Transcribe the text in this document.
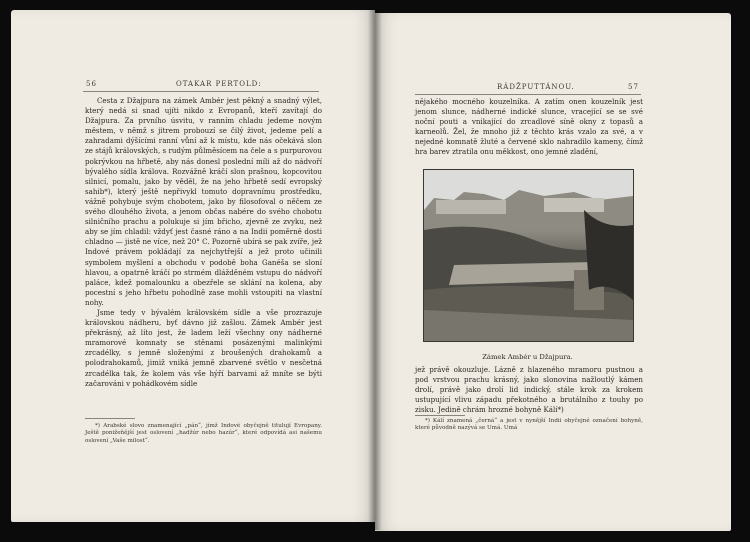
56	OTAKAR PERTOLD:

Cesta z Džajpura na zámek Ambér jest pěkný a snadný výlet, který nedá si snad ujíti nikdo z Evropanů, kteří zavítají do Džajpura. Za prvního úsvitu, v ranním chladu jedeme novým městem, v němž s jitrem probouzí se čilý život, jedeme pelí a zahradami dýšícími ranní vůní až k místu, kde nás očekává slon ze stájů královských, s rudým půlměsícem na čele a s purpurovou pokrývkou na hřbetě, aby nás donesl poslední míli až do nádvoří bývalého sídla králova. Rozvážně kráčí slon prašnou, kopcovitou silnicí, pomalu, jako by věděl, že na jeho hřbetě sedí evropský sahib*), který ještě nepřivykl tomuto dopravnímu prostředku, vážně pohybuje svým chobotem, jako by filosofoval o něčem ze svého dlouhého života, a jenom občas nabére do svého chobotu silničního prachu a polukuje si jím břicho, zjevně ze zvyku, než aby se jím chladil: vždyť jest časné ráno a na Indii poměrně dosti chladno — jistě ne více, než 20° C. Pozorně ubírá se pak zvíře, jež Indové právem pokládají za nejchytřejší a jež proto učinili symbolem myšlení a obchodu v podobě boha Ganéša se sloní hlavou, a opatrně kráčí po strmém dlážděném vstupu do nádvoří paláce, kdež pomalounku a obezřele se sklání na kolena, aby pocestní s jeho hřbetu pohodlně zase mohli vstoupiti na vlastní nohy.

Jsme tedy v bývalém královském sídle a vše prozrazuje královskou nádheru, byť dávno již zašlou. Zámek Ambér jest překrásný, až líto jest, že ladem leží všechny ony nádherné mramorové komnaty se stěnami posázenými malinkými zrcadélky, s jemně složenými z broušených drahokamů a polodrahokamů, jimiž vniká jemně zbarvené světlo v nesčetná zrcadélka tak, že kolem vás vše hýří barvami až mníte se býti začarováni v pohádkovém sídle

*) Arabské slovo znamenající „pán“, jímž Indové obyčejně titulují Evropany. Ještě ponižeňější jest oslovení „hadžúr nebo hazúr“, které odpovídá asi našemu oslovení „Vaše milost“.

RÁDŽPUTTÁNOU.	57

nějakého mocného kouzelníka. A zatím onen kouzelník jest jenom slunce, nádherné indické slunce, vracející se se své noční pouti a vnikající do zrcadlové síně okny z topasů a karneolů. Žel, že mnoho již z těchto krás vzalo za své, a v nejedné komnatě žluté a červené sklo nahradilo kameny, čímž hra barev ztratila onu měkkost, ono jemné zladění,

Zámek Ambér u Džajpura.

jež právě okouzluje. Lázně z hlazeného mramoru pustnou a pod vrstvou prachu krásný, jako slonovina nažloutlý kámen drolí, právě jako drolí lid indický, stále krok za krokem ustupující vlivu západu překotného a brutálního z touhy po zisku. Jedině chrám hrozné bohyně Kálí*)

*) Kálí znamená „černá“ a jest v nynější Indii obyčejné označení bohyně, které původně nazývá se Umá. Umá
